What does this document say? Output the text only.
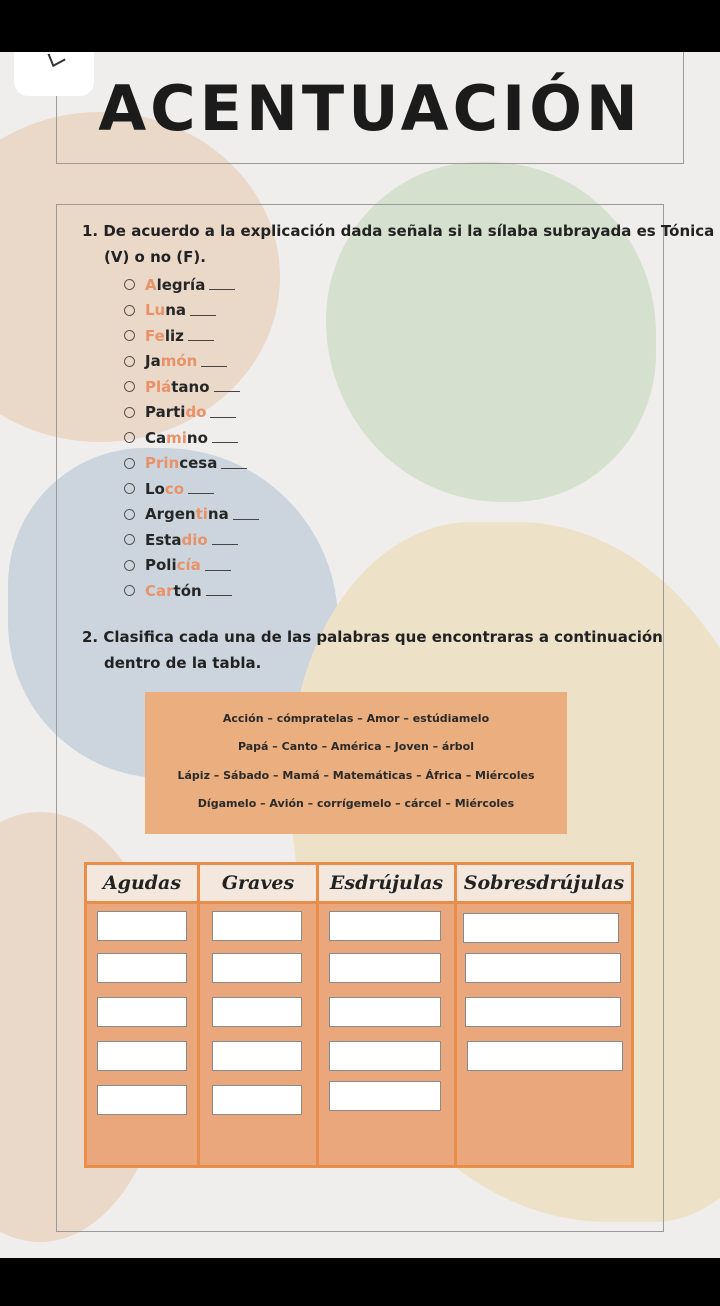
ACENTUACIÓN
1. De acuerdo a la explicación dada señala si la sílaba subrayada es Tónica
(V) o no (F).
A legría
Lu na
Fe liz
Ja món
Plá tano
Parti do
Ca mi no
Prin cesa
Lo co
Argen ti na
Esta dio
Poli cía
Car tón
2. Clasifica cada una de las palabras que encontraras a continuación
dentro de la tabla.
Acción – cómpratelas – Amor – estúdiamelo
Papá – Canto – América – Joven – árbol
Lápiz – Sábado – Mamá – Matemáticas – África – Miércoles
Dígamelo – Avión – corrígemelo – cárcel – Miércoles
Agudas	Graves	Esdrújulas	Sobresdrújulas
